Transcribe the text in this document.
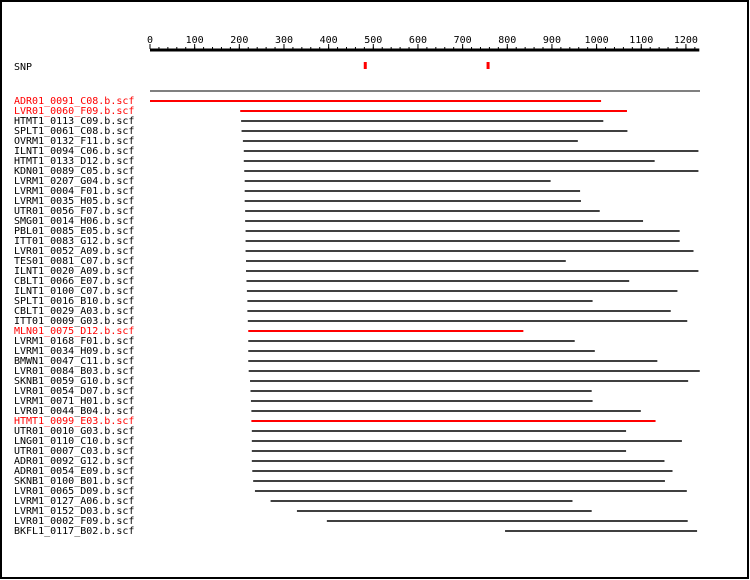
0	100	200	300	400	500	600	700	800	900 1000 1100 1200
SNP
ADR01_0091_C08.b.scf
LVR01_0060_F09.b.scf
HTMT1_0113_C09.b.scf
SPLT1_0061_C08.b.scf
OVRM1_0132_F11.b.scf
ILNT1_0094_C06.b.scf
HTMT1_0133_D12.b.scf
KDN01_0089_C05.b.scf
LVRM1_0207_G04.b.scf
LVRM1_0004_F01.b.scf
LVRM1_0035_H05.b.scf
UTR01_0056_F07.b.scf
SMG01_0014_H06.b.scf
PBL01_0085_E05.b.scf
ITT01_0083_G12.b.scf
LVR01_0052_A09.b.scf
TES01_0081_C07.b.scf
ILNT1_0020_A09.b.scf
CBLT1_0066_E07.b.scf
ILNT1_0100_C07.b.scf
SPLT1_0016_B10.b.scf
CBLT1_0029_A03.b.scf
ITT01_0009_G03.b.scf
MLN01_0075_D12.b.scf
LVRM1_0168_F01.b.scf
LVRM1_0034_H09.b.scf
BMWN1_0047_C11.b.scf
LVR01_0084_B03.b.scf
SKNB1_0059_G10.b.scf
LVR01_0054_D07.b.scf
LVRM1_0071_H01.b.scf
LVR01_0044_B04.b.scf
HTMT1_0099_E03.b.scf
UTR01_0010_G03.b.scf
LNG01_0110_C10.b.scf
UTR01_0007_C03.b.scf
ADR01_0092_G12.b.scf
ADR01_0054_E09.b.scf
SKNB1_0100_B01.b.scf
LVR01_0065_D09.b.scf
LVRM1_0127_A06.b.scf
LVRM1_0152_D03.b.scf
LVR01_0002_F09.b.scf
BKFL1_0117_B02.b.scf
